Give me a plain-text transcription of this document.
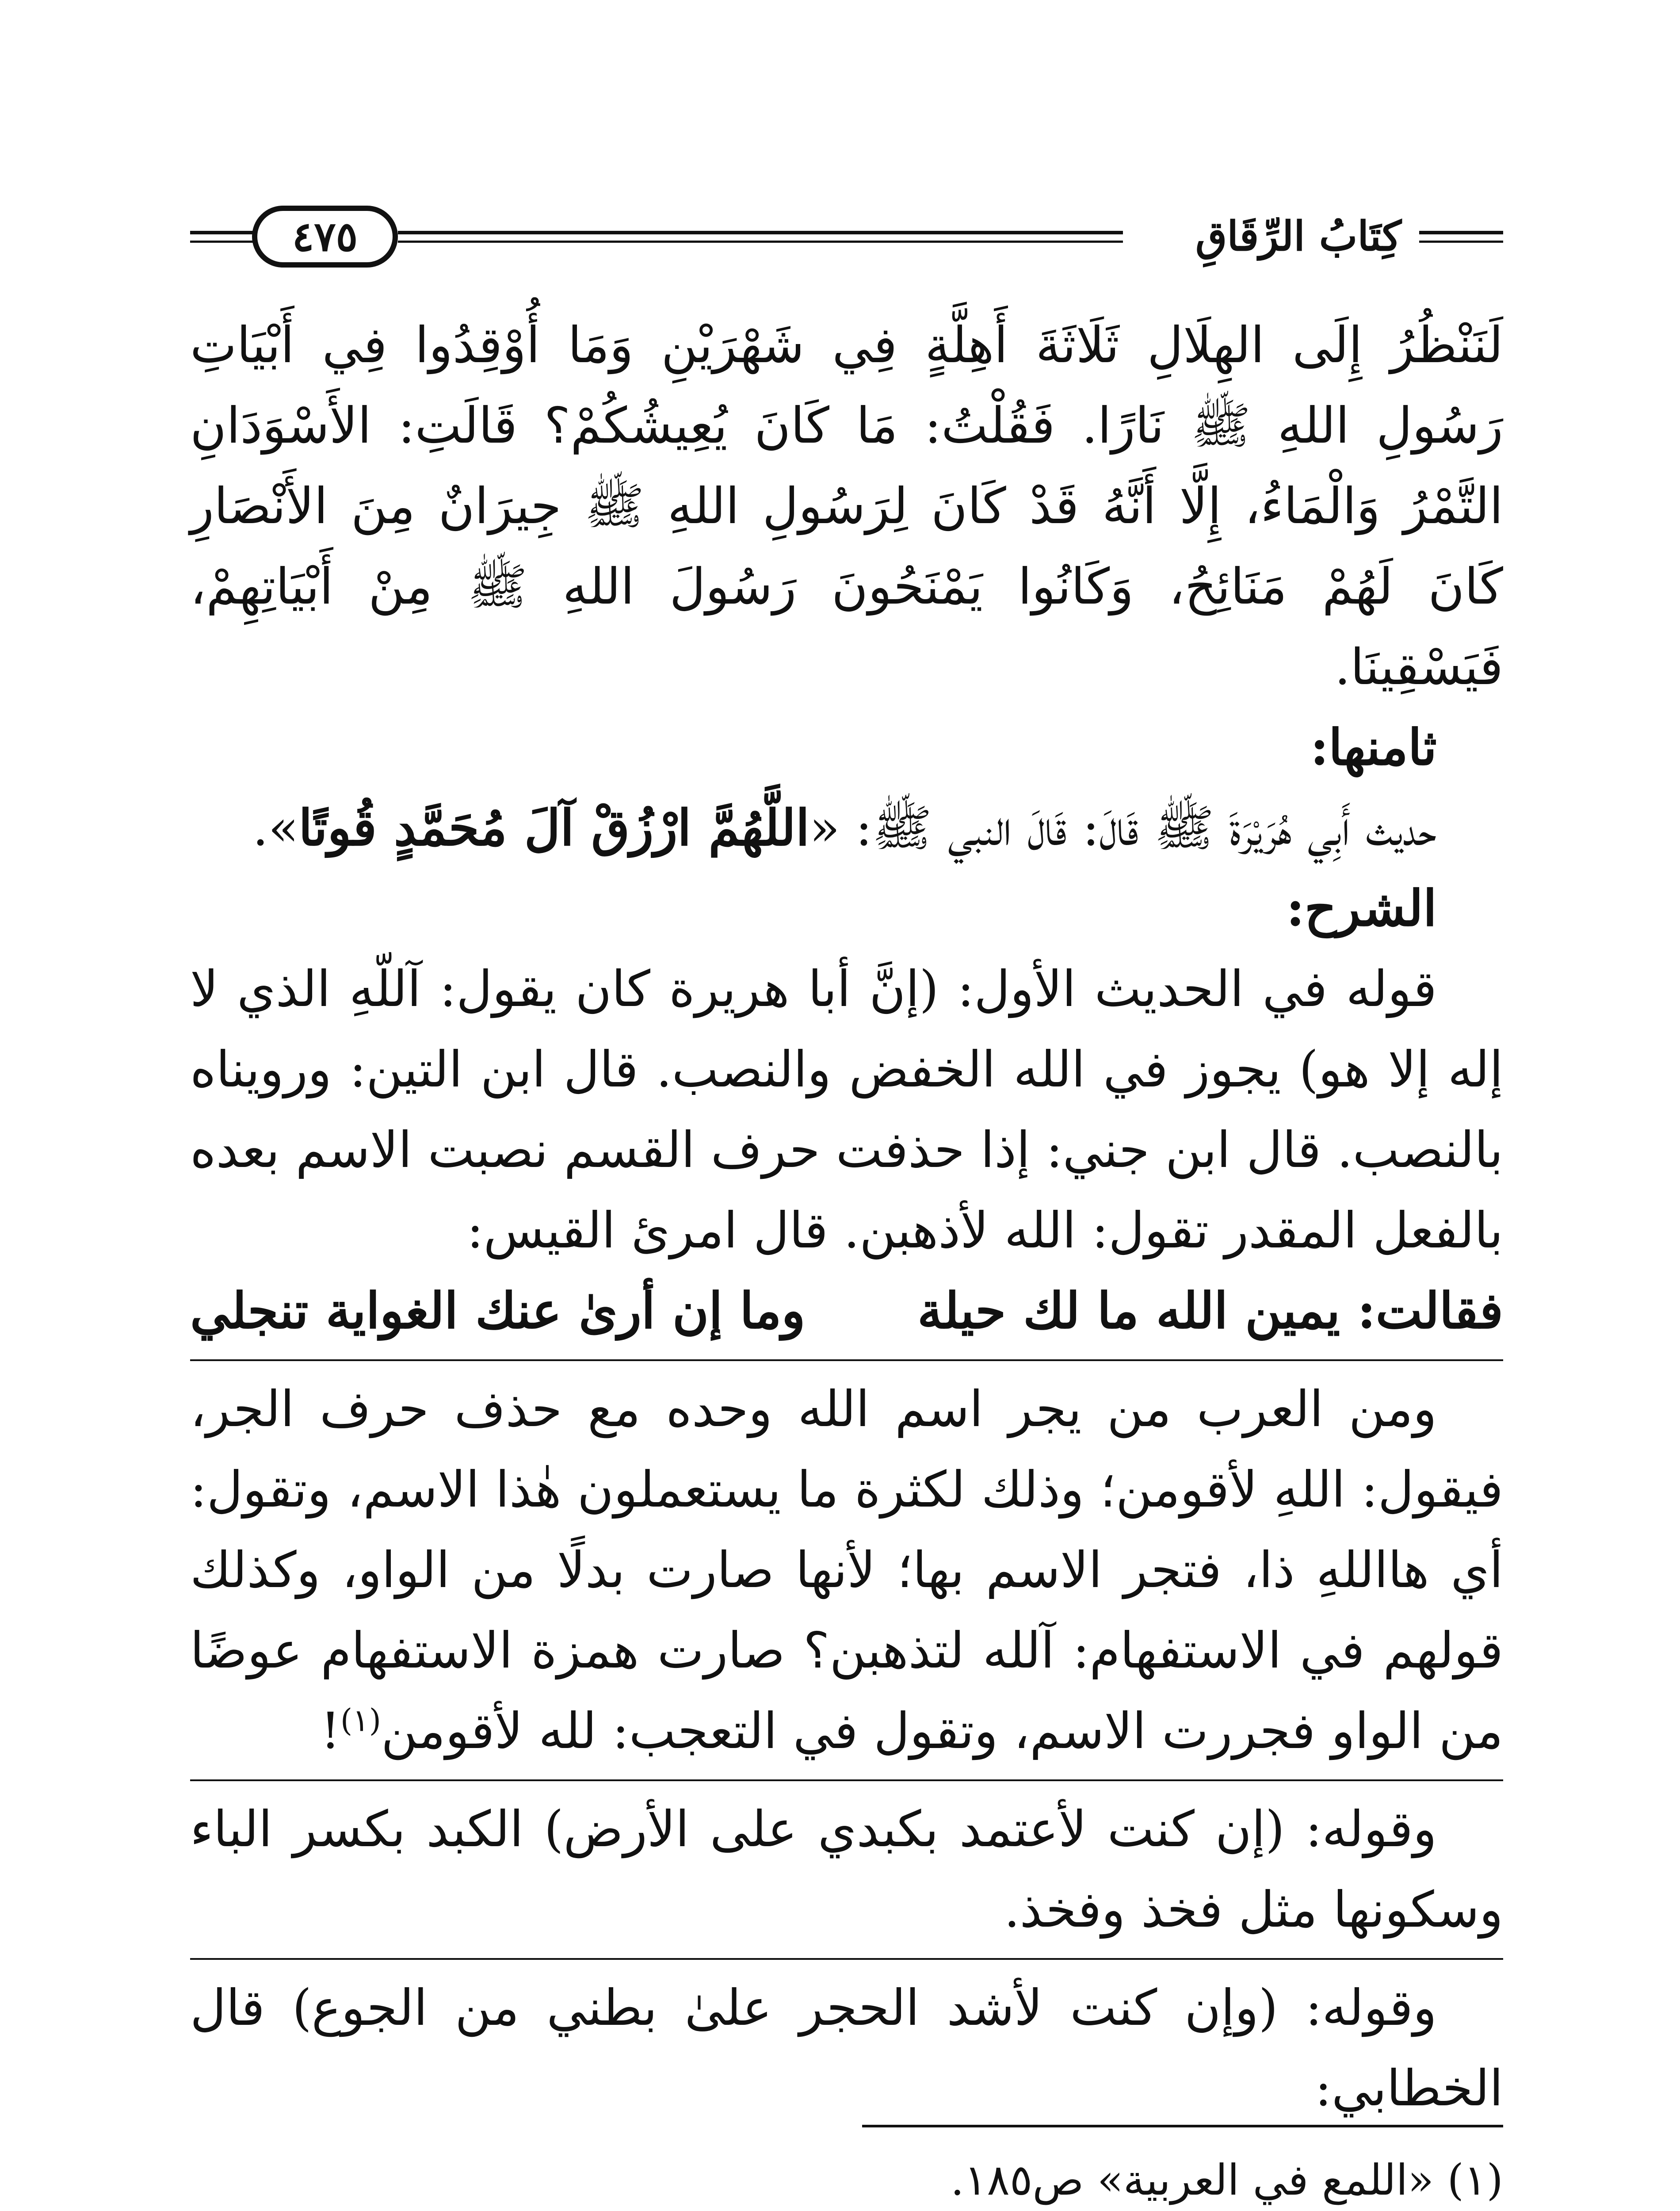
كِتَابُ الرِّقَاقِ
٤٧٥

لَنَنْظُرُ إِلَى الهِلَالِ ثَلَاثَةَ أَهِلَّةٍ فِي شَهْرَيْنِ وَمَا أُوْقِدُوا فِي أَبْيَاتِ رَسُولِ اللهِ ﷺ نَارًا. فَقُلْتُ: مَا كَانَ يُعِيشُكُمْ؟ قَالَتِ: الأَسْوَدَانِ التَّمْرُ وَالْمَاءُ، إِلَّا أَنَّهُ قَدْ كَانَ لِرَسُولِ اللهِ ﷺ جِيرَانٌ مِنَ الأَنْصَارِ كَانَ لَهُمْ مَنَائِحُ، وَكَانُوا يَمْنَحُونَ رَسُولَ اللهِ ﷺ مِنْ أَبْيَاتِهِمْ، فَيَسْقِينَا.

ثامنها:

حديث أَبِي هُرَيْرَةَ ﷺ قَالَ: قَالَ النبي ﷺ: «اللَّهُمَّ ارْزُقْ آلَ مُحَمَّدٍ قُوتًا».

الشرح:

قوله في الحديث الأول: (إنَّ أبا هريرة كان يقول: آللّهِ الذي لا إله إلا هو) يجوز في الله الخفض والنصب. قال ابن التين: ورويناه بالنصب. قال ابن جني: إذا حذفت حرف القسم نصبت الاسم بعده بالفعل المقدر تقول: الله لأذهبن. قال امرئ القيس:

فقالت: يمين الله ما لك حيلة
وما إن أرىٰ عنك الغواية تنجلي

ومن العرب من يجر اسم الله وحده مع حذف حرف الجر، فيقول: اللهِ لأقومن؛ وذلك لكثرة ما يستعملون هٰذا الاسم، وتقول: أي هااللهِ ذا، فتجر الاسم بها؛ لأنها صارت بدلًا من الواو، وكذلك قولهم في الاستفهام: آلله لتذهبن؟ صارت همزة الاستفهام عوضًا من الواو فجررت الاسم، وتقول في التعجب: لله لأقومن$^{(١)}$!

وقوله: (إن كنت لأعتمد بكبدي على الأرض) الكبد بكسر الباء وسكونها مثل فخذ وفخذ.

وقوله: (وإن كنت لأشد الحجر علىٰ بطني من الجوع) قال الخطابي:

(١) «اللمع في العربية» ص١٨٥.
